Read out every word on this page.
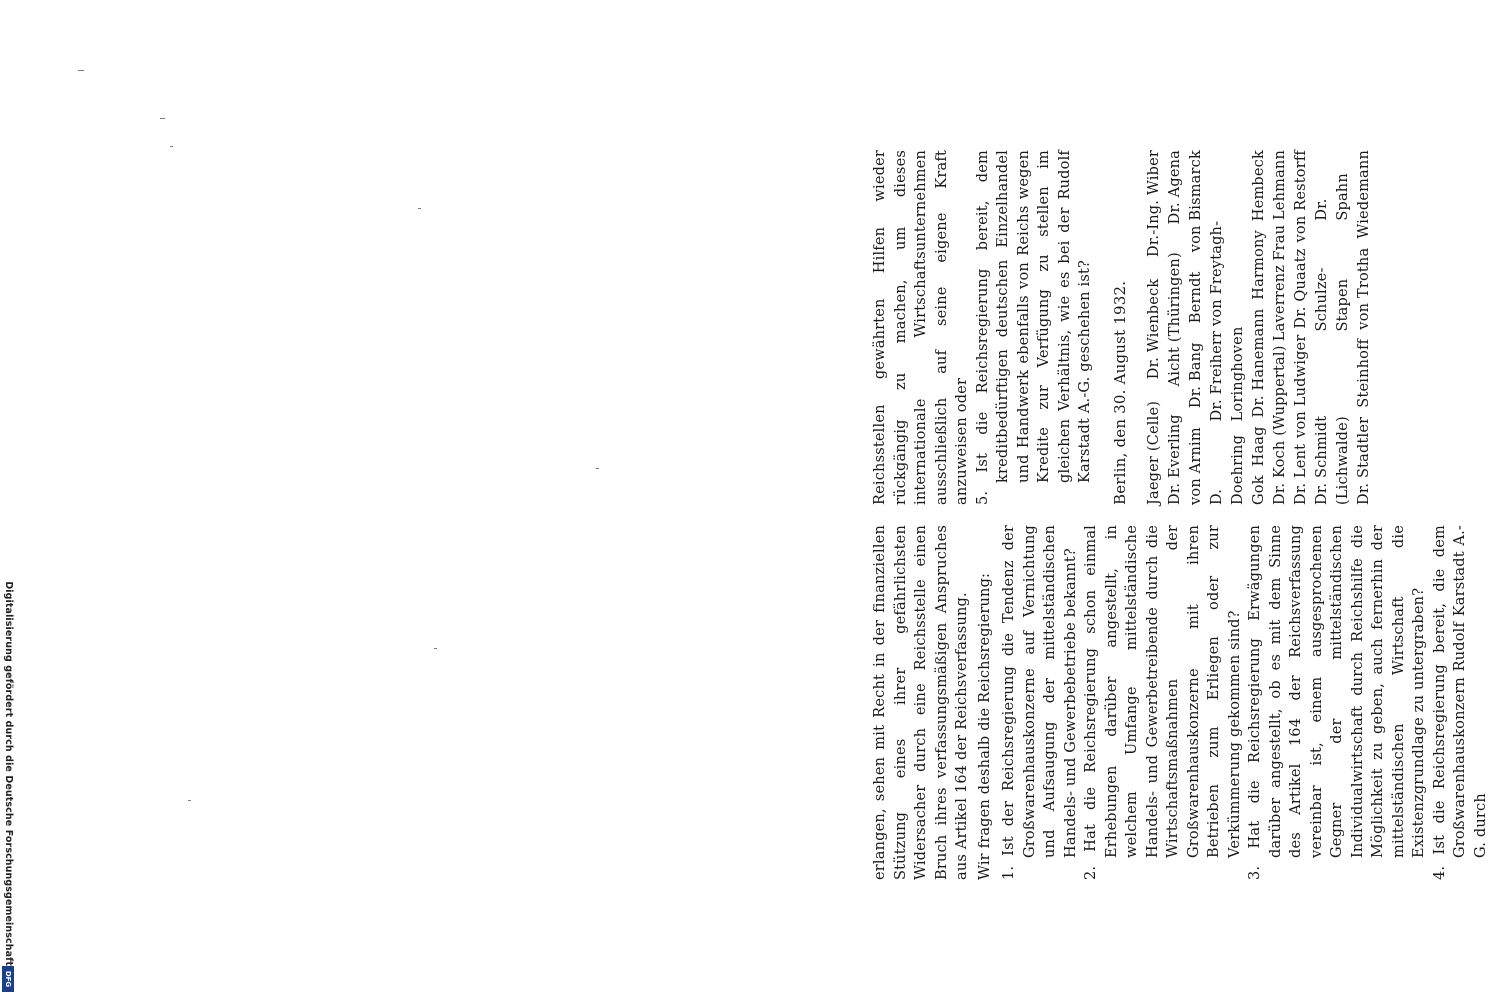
erlangen, sehen mit Recht in der finanziellen Stützung eines ihrer gefährlichsten Widersacher durch eine Reichsstelle einen Bruch ihres verfassungsmäßigen Anspruches aus Artikel 164 der Reichsverfassung. Wir fragen deshalb die Reichsregierung: 1. Ist der Reichsregierung die Tendenz der Großwarenhauskonzerne auf Vernichtung und Aufsaugung der mittelständischen Handels- und Gewerbebetriebe bekannt? 2. Hat die Reichsregierung schon einmal Erhebungen darüber angestellt, in welchem Umfange mittelständische Handels- und Gewerbetreibende durch die Wirtschaftsmaßnahmen der Großwarenhauskonzerne mit ihren Betrieben zum Erliegen oder zur Verkümmerung gekommen sind? 3. Hat die Reichsregierung Erwägungen darüber angestellt, ob es mit dem Sinne des Artikel 164 der Reichsverfassung vereinbar ist, einem ausgesprochenen Gegner der mittelständischen Individualwirtschaft durch Reichshilfe die Möglichkeit zu geben, auch fernerhin der mittelständischen Wirtschaft die Existenzgrundlage zu untergraben? 4. Ist die Reichsregierung bereit, die dem Großwarenhauskonzern Rudolf Karstadt A.-G. durch

Reichsstellen gewährten Hilfen wieder rückgängig zu machen, um dieses internationale Wirtschaftsunternehmen ausschließlich auf seine eigene Kraft anzuweisen oder 5. Ist die Reichsregierung bereit, dem kreditbedürftigen deutschen Einzelhandel und Handwerk ebenfalls von Reichs wegen Kredite zur Verfügung zu stellen im gleichen Verhältnis, wie es bei der Rudolf Karstadt A.-G. geschehen ist? Berlin, den 30. August 1932. Jaeger (Celle)
Dr. Wienbeck
Dr.-Ing. Wiber
Dr. Everling
Aicht (Thüringen)
Dr. Agena
von Arnim
Dr. Bang
Berndt
von Bismarck
D. Doehring
Dr. Freiherr von Freytagh-Loringhoven
Gok
Haag
Dr. Hanemann
Harmony
Hembeck
Dr. Koch (Wuppertal)
Laverrenz
Frau Lehmann
Dr. Lent
von Ludwiger
Dr. Quaatz
von Restorff
Dr. Schmidt (Lichwalde)
Schulze-Stapen
Dr. Spahn
Dr. Stadtler
Steinhoff
von Trotha
Wiedemann
Digitalisierung gefördert durch die Deutsche Forschungsgemeinschaft
DFG
